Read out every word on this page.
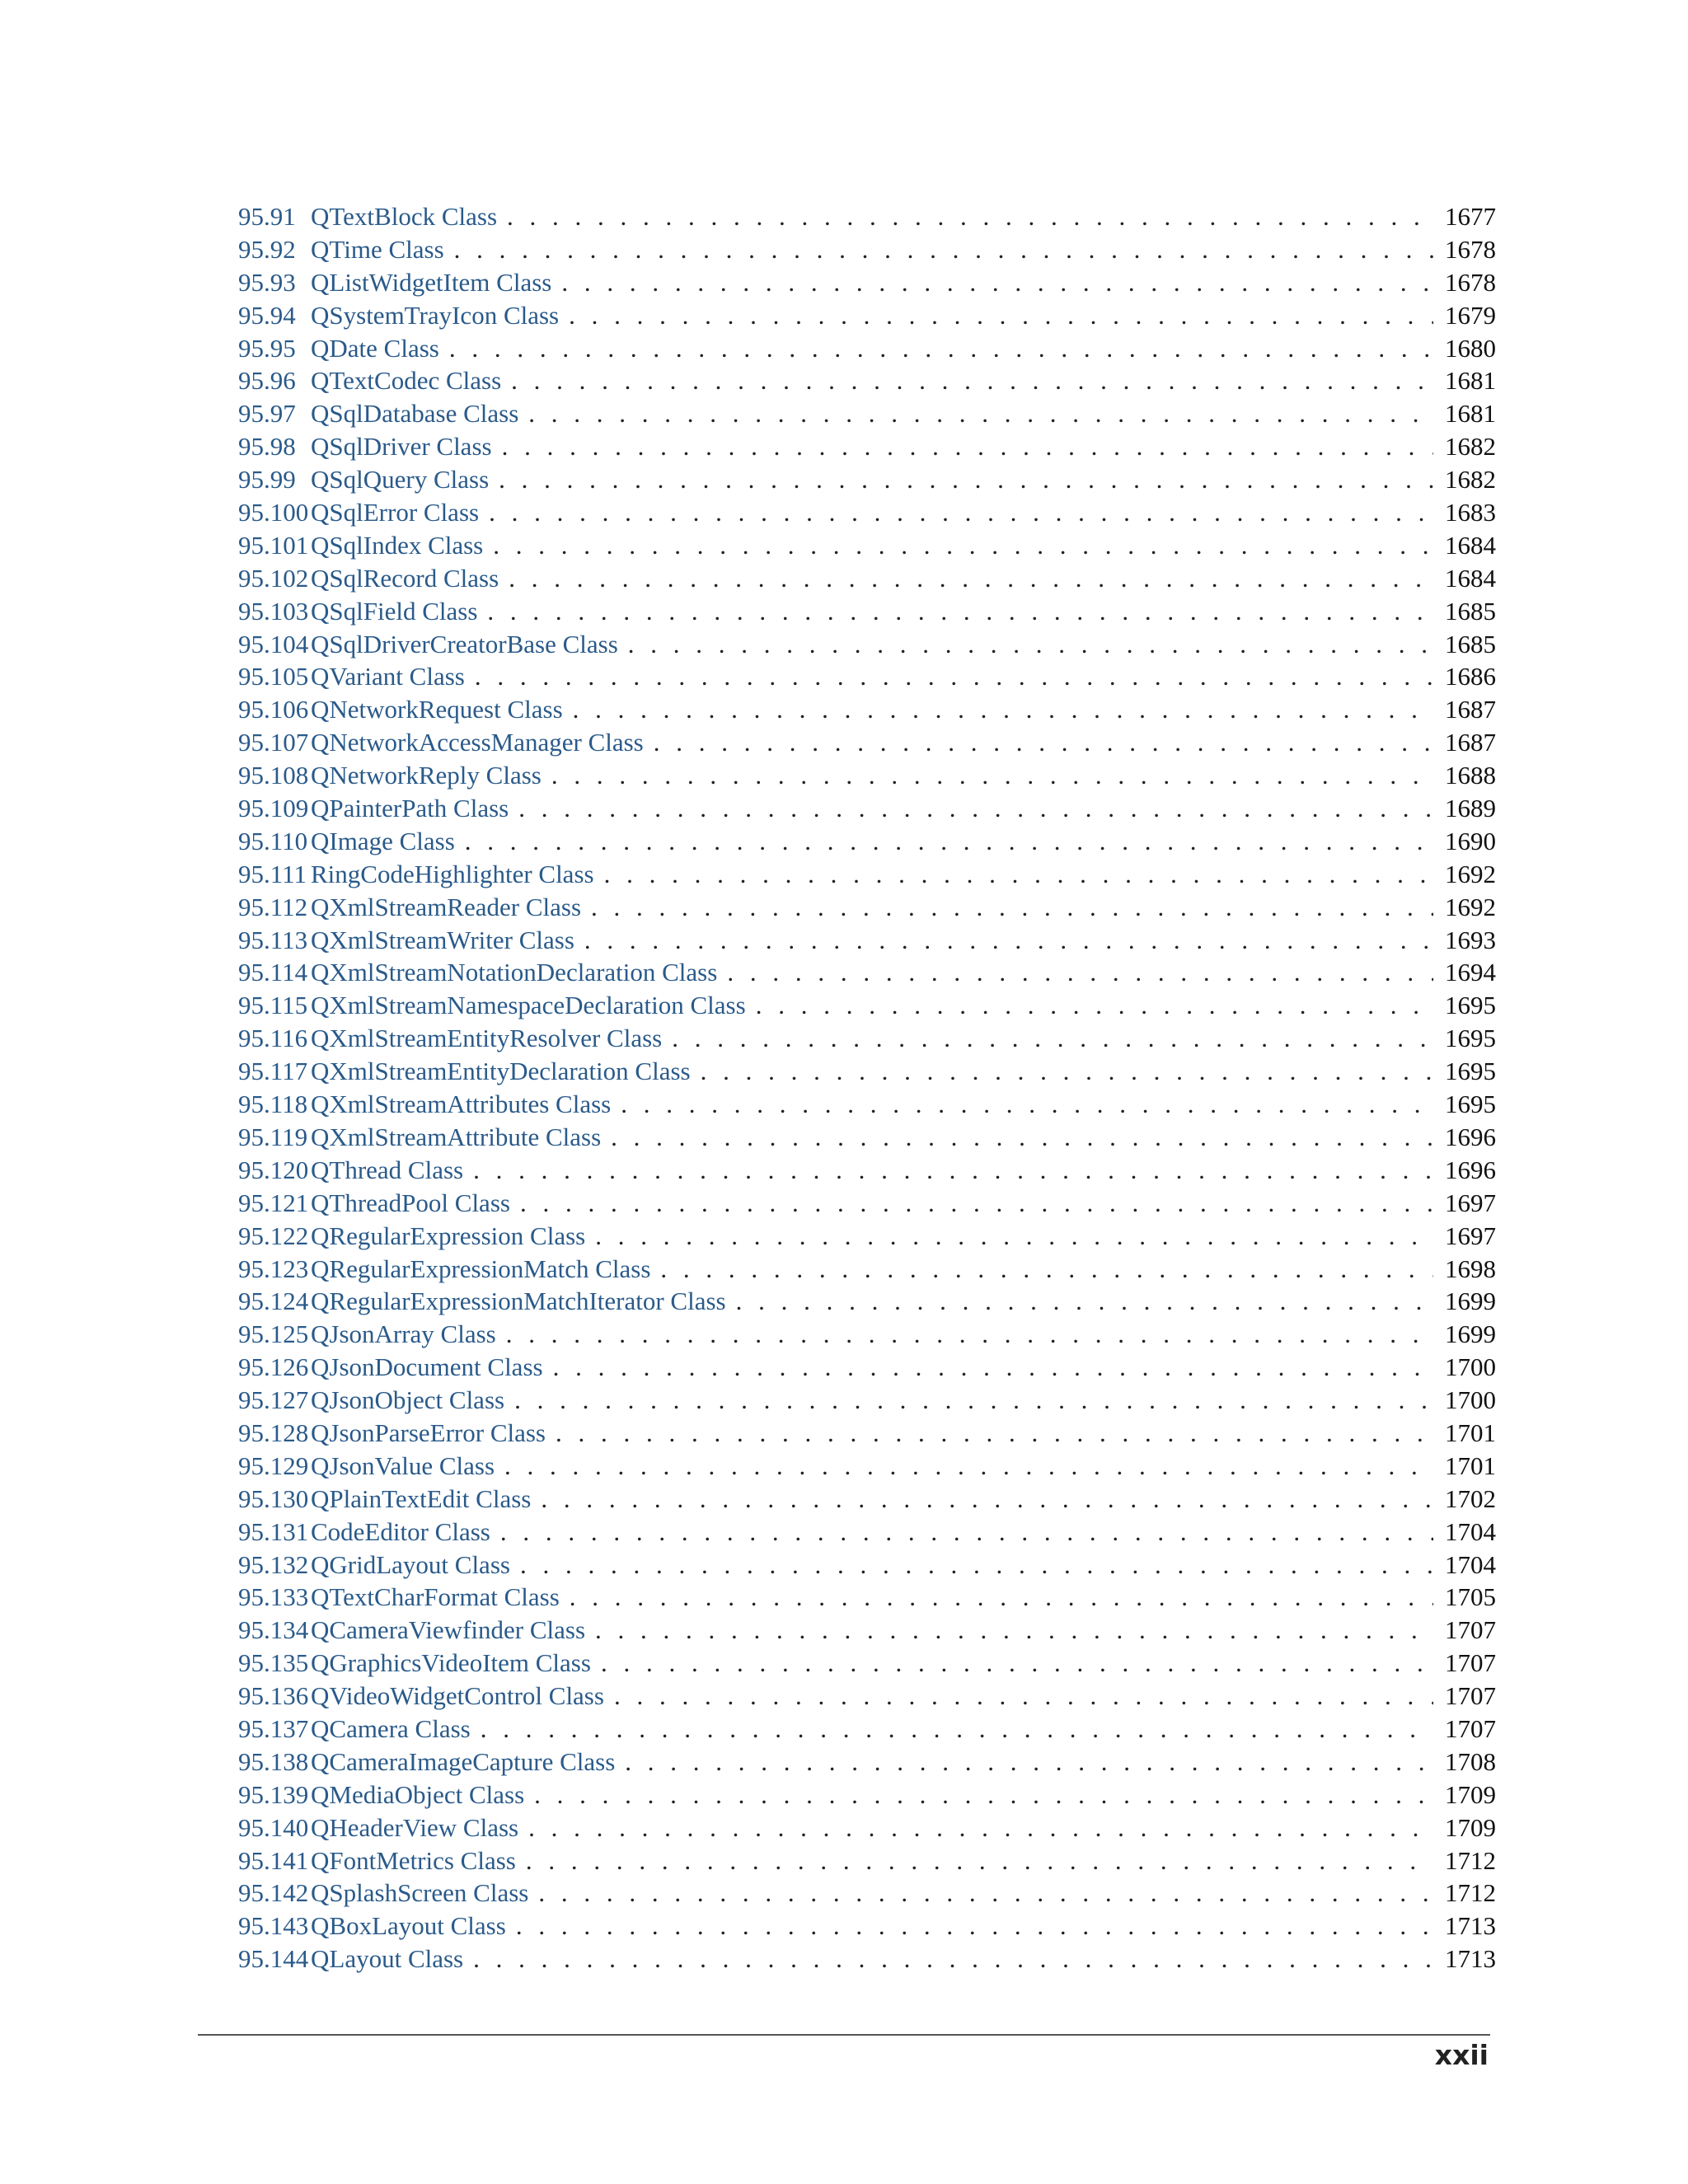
95.91 QTextBlock Class . . .	1677
95.92 QTime Class . . .	1678
95.93 QListWidgetItem Class . . .	1678
95.94 QSystemTrayIcon Class . . .	1679
95.95 QDate Class . . .	1680
95.96 QTextCodec Class . . .	1681
95.97 QSqlDatabase Class . . .	1681
95.98 QSqlDriver Class . . .	1682
95.99 QSqlQuery Class . . .	1682
95.100 QSqlError Class . . .	1683
95.101 QSqlIndex Class . . .	1684
95.102 QSqlRecord Class . . .	1684
95.103 QSqlField Class . . .	1685
95.104 QSqlDriverCreatorBase Class . . .	1685
95.105 QVariant Class . . .	1686
95.106 QNetworkRequest Class . . .	1687
95.107 QNetworkAccessManager Class . . .	1687
95.108 QNetworkReply Class . . .	1688
95.109 QPainterPath Class . . .	1689
95.110 QImage Class . . .	1690
95.111 RingCodeHighlighter Class . . .	1692
95.112 QXmlStreamReader Class . . .	1692
95.113 QXmlStreamWriter Class . . .	1693
95.114 QXmlStreamNotationDeclaration Class . . .	1694
95.115 QXmlStreamNamespaceDeclaration Class . . .	1695
95.116 QXmlStreamEntityResolver Class . . .	1695
95.117 QXmlStreamEntityDeclaration Class . . .	1695
95.118 QXmlStreamAttributes Class . . .	1695
95.119 QXmlStreamAttribute Class . . .	1696
95.120 QThread Class . . .	1696
95.121 QThreadPool Class . . .	1697
95.122 QRegularExpression Class . . .	1697
95.123 QRegularExpressionMatch Class . . .	1698
95.124 QRegularExpressionMatchIterator Class . . .	1699
95.125 QJsonArray Class . . .	1699
95.126 QJsonDocument Class . . .	1700
95.127 QJsonObject Class . . .	1700
95.128 QJsonParseError Class . . .	1701
95.129 QJsonValue Class . . .	1701
95.130 QPlainTextEdit Class . . .	1702
95.131 CodeEditor Class . . .	1704
95.132 QGridLayout Class . . .	1704
95.133 QTextCharFormat Class . . .	1705
95.134 QCameraViewfinder Class . . .	1707
95.135 QGraphicsVideoItem Class . . .	1707
95.136 QVideoWidgetControl Class . . .	1707
95.137 QCamera Class . . .	1707
95.138 QCameraImageCapture Class . . .	1708
95.139 QMediaObject Class . . .	1709
95.140 QHeaderView Class . . .	1709
95.141 QFontMetrics Class . . .	1712
95.142 QSplashScreen Class . . .	1712
95.143 QBoxLayout Class . . .	1713
95.144 QLayout Class . . .	1713
xxii
